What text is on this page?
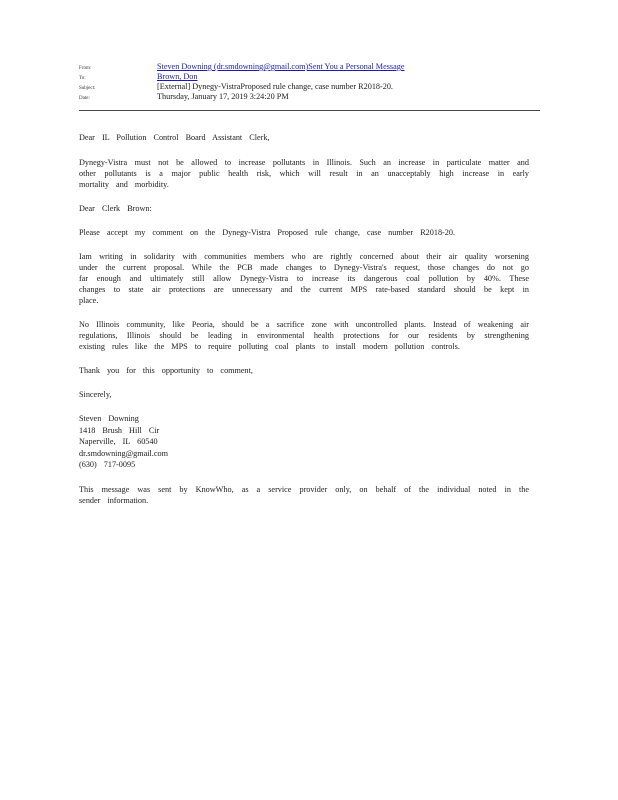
From:	Steven Downing (dr.smdowning@gmail.com)Sent You a Personal Message
To:	Brown, Don
Subject:	[External] Dynegy-VistraProposed rule change, case number R2018-20.
Date:	Thursday, January 17, 2019 3:24:20 PM

Dear IL Pollution Control Board Assistant Clerk,

Dynegy-Vistra must not be allowed to increase pollutants in Illinois. Such an increase in particulate matter and other pollutants is a major public health risk, which will result in an unacceptably high increase in early mortality and morbidity.

Dear Clerk Brown:

Please accept my comment on the Dynegy-Vistra Proposed rule change, case number R2018-20.

Iam writing in solidarity with communities members who are rightly concerned about their air quality worsening under the current proposal. While the PCB made changes to Dynegy-Vistra's request, those changes do not go far enough and ultimately still allow Dynegy-Vistra to increase its dangerous coal pollution by 40%. These changes to state air protections are unnecessary and the current MPS rate-based standard should be kept in place.

No Illinois community, like Peoria, should be a sacrifice zone with uncontrolled plants. Instead of weakening air regulations, Illinois should be leading in environmental health protections for our residents by strengthening existing rules like the MPS to require polluting coal plants to install modern pollution controls.

Thank you for this opportunity to comment,

Sincerely,

Steven Downing
1418 Brush Hill Cir
Naperville, IL 60540
dr.smdowning@gmail.com
(630) 717-0095

This message was sent by KnowWho, as a service provider only, on behalf of the individual noted in the sender information.
